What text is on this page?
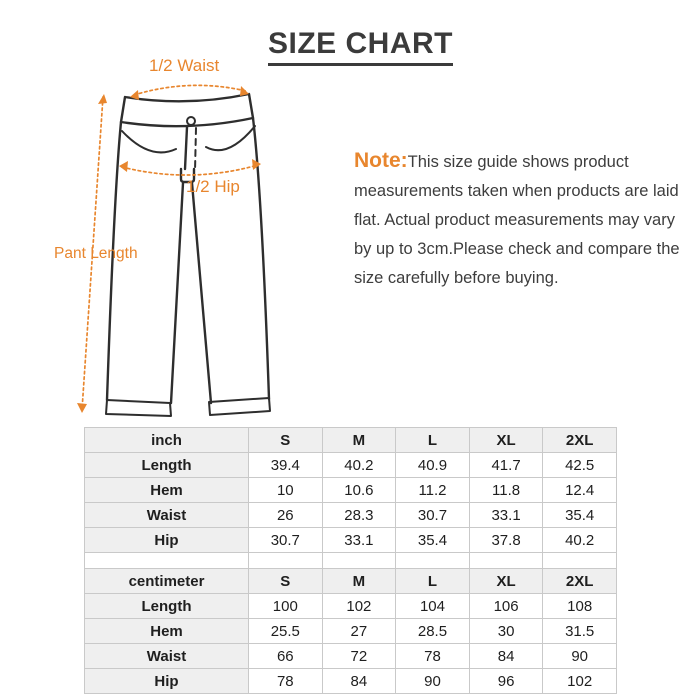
SIZE CHART
1/2 Waist
1/2 Hip
Pant Length
Note:This size guide shows product measurements taken when products are laid flat. Actual product measurements may vary by up to 3cm.Please check and compare the size carefully before buying.
inch	S	M	L	XL	2XL
Length	39.4	40.2	40.9	41.7	42.5
Hem	10	10.6	11.2	11.8	12.4
Waist	26	28.3	30.7	33.1	35.4
Hip	30.7	33.1	35.4	37.8	40.2

centimeter	S	M	L	XL	2XL
Length	100	102	104	106	108
Hem	25.5	27	28.5	30	31.5
Waist	66	72	78	84	90
Hip	78	84	90	96	102
